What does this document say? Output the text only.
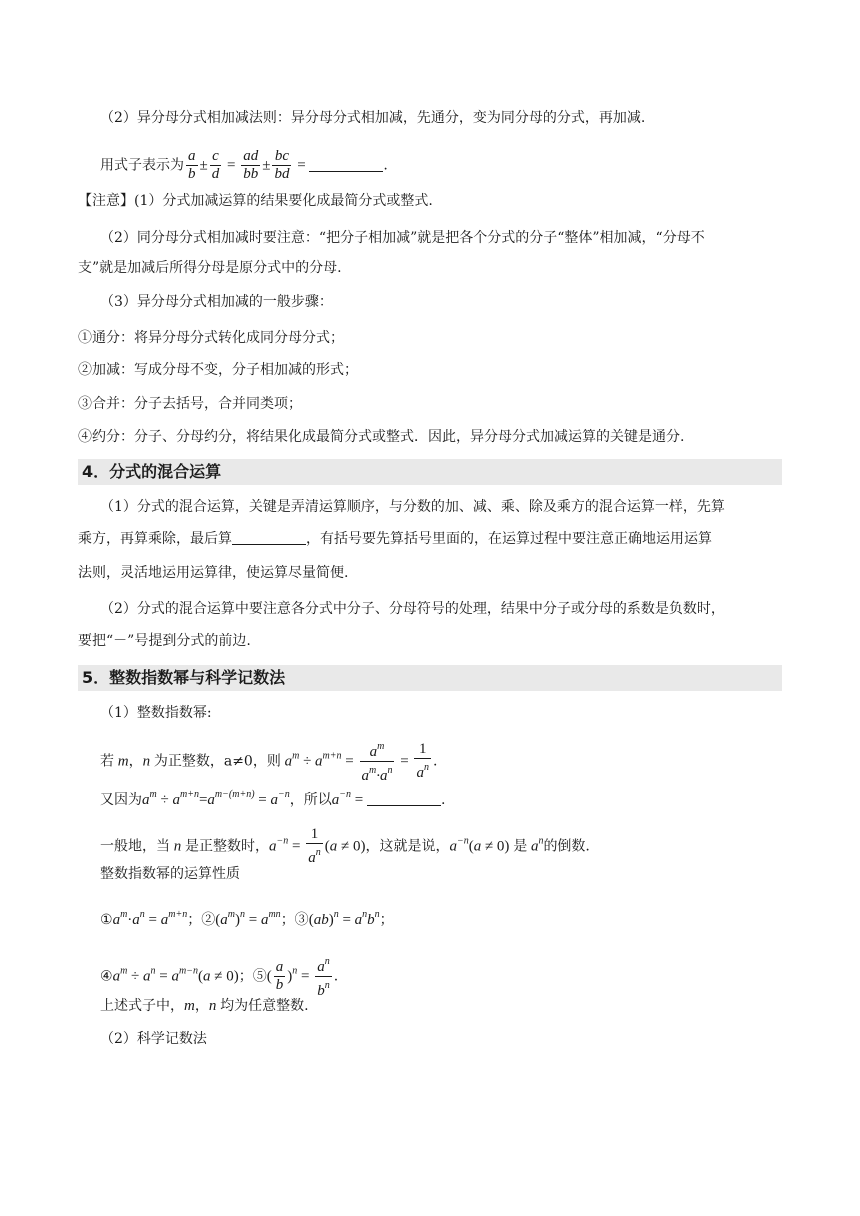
（2）异分母分式相加减法则：异分母分式相加减，先通分，变为同分母的分式，再加减.
用式子表示为 $\frac{a}{b} \pm \frac{c}{d} = \frac{ad}{bb} \pm \frac{bc}{bd}$ =	.
【注意】(1）分式加减运算的结果要化成最简分式或整式.
（2）同分母分式相加减时要注意：“把分子相加减”就是把各个分式的分子“整体”相加减，“分母不
支”就是加减后所得分母是原分式中的分母.
（3）异分母分式相加减的一般步骤：
①通分：将异分母分式转化成同分母分式；
②加减：写成分母不变，分子相加减的形式；
③合并：分子去括号，合并同类项；
④约分：分子、分母约分，将结果化成最简分式或整式．因此，异分母分式加减运算的关键是通分.
4．分式的混合运算
（1）分式的混合运算，关键是弄清运算顺序，与分数的加、减、乘、除及乘方的混合运算一样，先算
乘方，再算乘除，最后算	，有括号要先算括号里面的，在运算过程中要注意正确地运用运算
法则，灵活地运用运算律，使运算尽量简便.
（2）分式的混合运算中要注意各分式中分子、分母符号的处理，结果中分子或分母的系数是负数时，
要把“－”号提到分式的前边.
5．整数指数幂与科学记数法
（1）整数指数幂:
若 m，n 为正整数，a≠0，则 $a^m \div a^{m+n} = \frac{a^m}{a^m\cdot a^n} = \frac{1}{a^n}$ .
又因为$a^m \div a^{m+n}=a^{m-(m+n)} = a^{-n}$，所以$a^{-n}$ =	.
一般地，当 n 是正整数时，$a^{-n} = \frac{1}{a^n} (a \ne 0)$，这就是说，$a^{-n}(a \ne 0)$ 是 $a^n$的倒数.
整数指数幂的运算性质
$①a^m\cdot a^n = a^{m+n}$；$②(a^m)^n = a^{mn}$；③(ab)$^n$ = $a^nb^n$；
$④a^m \div a^n = a^{m-n}(a \ne 0)$；⑤( $\frac{a}{b} )^n = \frac{a^n}{b^n}$ .
上述式子中，m，n 均为任意整数.
（2）科学记数法
